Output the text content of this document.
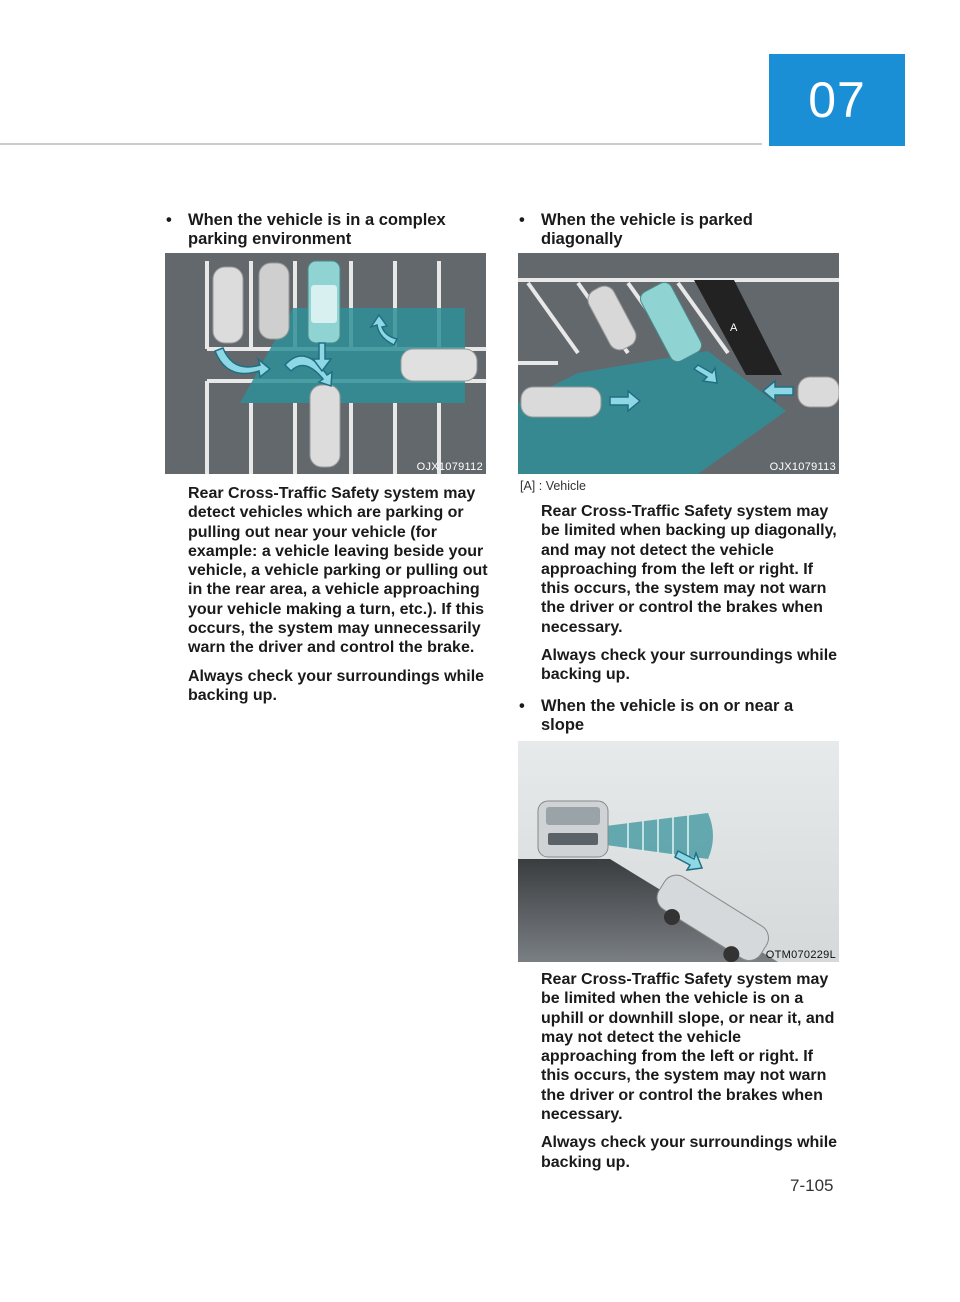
07
• When the vehicle is in a complex parking environment
OJX1079112

Rear Cross-Traffic Safety system may detect vehicles which are parking or pulling out near your vehicle (for example: a vehicle leaving beside your vehicle, a vehicle parking or pulling out in the rear area, a vehicle approaching your vehicle making a turn, etc.). If this occurs, the system may unnecessarily warn the driver and control the brake.

Always check your surroundings while backing up.

• When the vehicle is parked diagonally
A
OJX1079113
[A] : Vehicle

Rear Cross-Traffic Safety system may be limited when backing up diagonally, and may not detect the vehicle approaching from the left or right. If this occurs, the system may not warn the driver or control the brakes when necessary.

Always check your surroundings while backing up.

• When the vehicle is on or near a slope
OTM070229L

Rear Cross-Traffic Safety system may be limited when the vehicle is on a uphill or downhill slope, or near it, and may not detect the vehicle approaching from the left or right. If this occurs, the system may not warn the driver or control the brakes when necessary.

Always check your surroundings while backing up.

7-105
